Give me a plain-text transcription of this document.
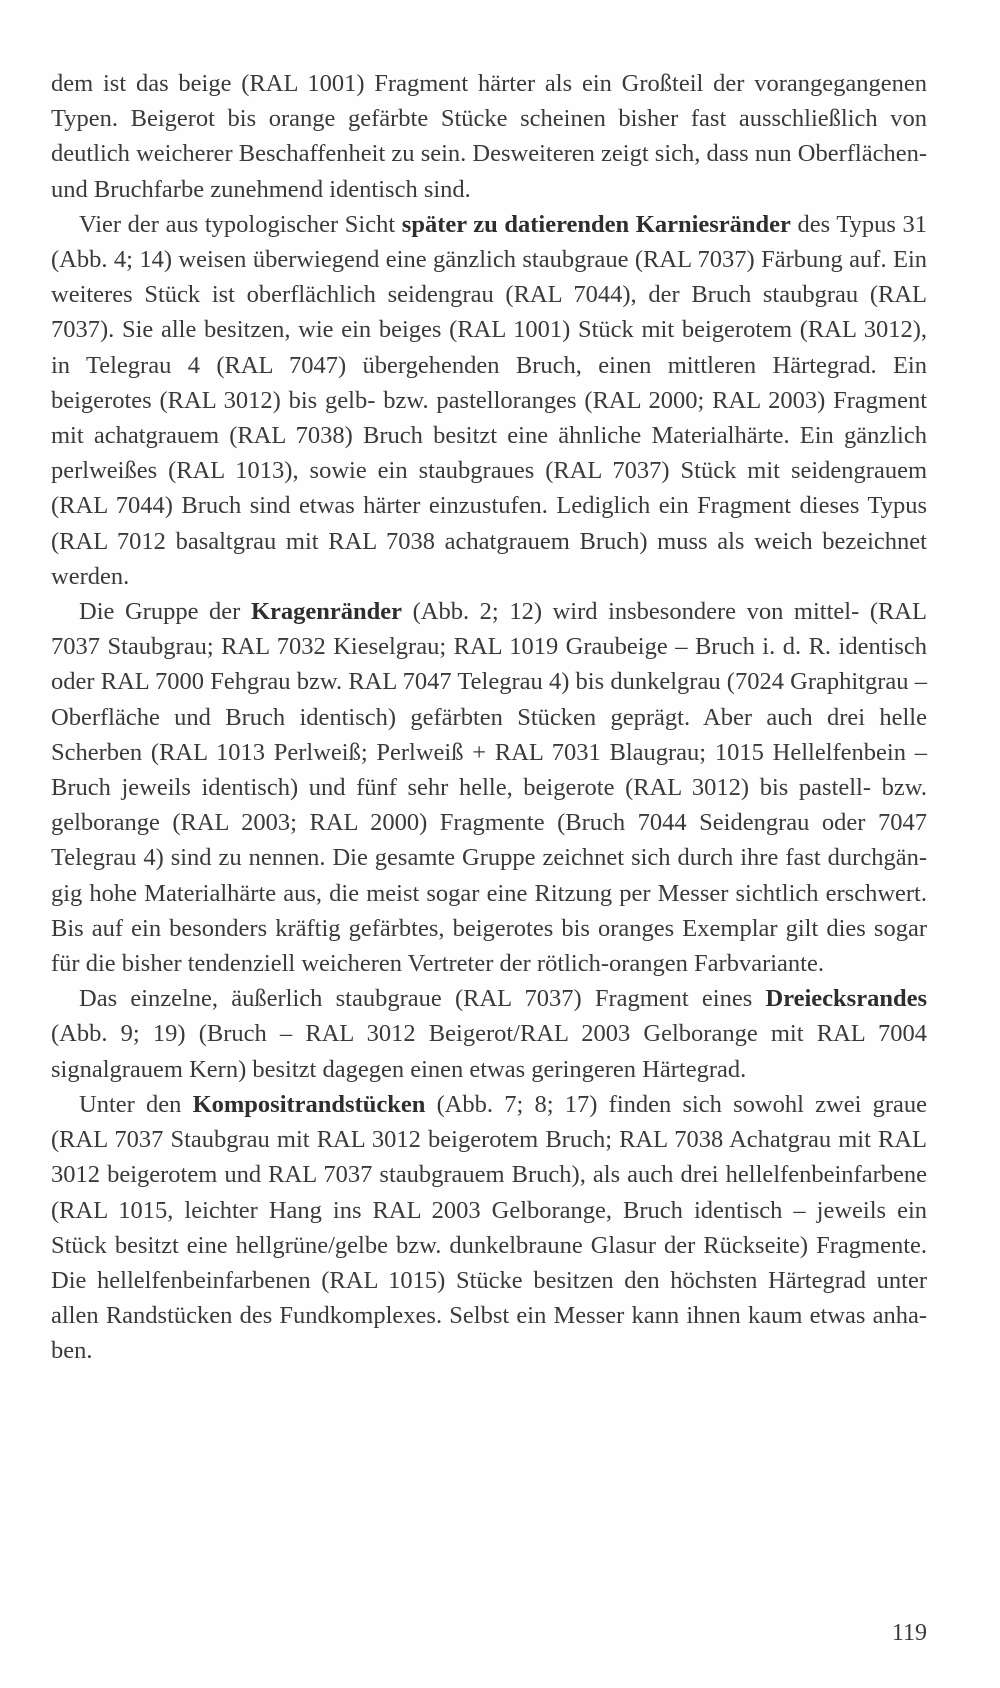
dem ist das beige (RAL 1001) Fragment härter als ein Großteil der vorangegangenen Typen. Beigerot bis orange gefärbte Stücke scheinen bisher fast ausschließlich von deutlich weicherer Beschaffenheit zu sein. Desweiteren zeigt sich, dass nun Oberflächen- und Bruchfarbe zunehmend identisch sind.

Vier der aus typologischer Sicht später zu datierenden Karniesränder des Typus 31 (Abb. 4; 14) weisen überwiegend eine gänzlich staubgraue (RAL 7037) Färbung auf. Ein weiteres Stück ist oberflächlich seidengrau (RAL 7044), der Bruch staubgrau (RAL 7037). Sie alle besitzen, wie ein beiges (RAL 1001) Stück mit beigerotem (RAL 3012), in Telegrau 4 (RAL 7047) übergehenden Bruch, einen mittleren Härtegrad. Ein beigerotes (RAL 3012) bis gelb- bzw. pastelloranges (RAL 2000; RAL 2003) Fragment mit achatgrauem (RAL 7038) Bruch besitzt eine ähnliche Materialhärte. Ein gänzlich perlweißes (RAL 1013), sowie ein staubgraues (RAL 7037) Stück mit seidengrauem (RAL 7044) Bruch sind etwas härter einzustufen. Lediglich ein Fragment dieses Typus (RAL 7012 basaltgrau mit RAL 7038 achatgrauem Bruch) muss als weich bezeichnet werden.

Die Gruppe der Kragenränder (Abb. 2; 12) wird insbesondere von mittel- (RAL 7037 Staubgrau; RAL 7032 Kieselgrau; RAL 1019 Graubeige – Bruch i. d. R. identisch oder RAL 7000 Fehgrau bzw. RAL 7047 Telegrau 4) bis dunkelgrau (7024 Graphitgrau – Oberfläche und Bruch identisch) gefärbten Stücken geprägt. Aber auch drei helle Scherben (RAL 1013 Perlweiß; Perlweiß + RAL 7031 Blaugrau; 1015 Hellelfenbein – Bruch jeweils identisch) und fünf sehr helle, beigerote (RAL 3012) bis pastell- bzw. gelborange (RAL 2003; RAL 2000) Fragmente (Bruch 7044 Seidengrau oder 7047 Telegrau 4) sind zu nennen. Die gesamte Gruppe zeichnet sich durch ihre fast durchgängig hohe Materialhärte aus, die meist sogar eine Ritzung per Messer sichtlich erschwert. Bis auf ein besonders kräftig gefärbtes, beigerotes bis oranges Exemplar gilt dies sogar für die bisher tendenziell weicheren Vertreter der rötlich-orangen Farbvariante.

Das einzelne, äußerlich staubgraue (RAL 7037) Fragment eines Dreiecksrandes (Abb. 9; 19) (Bruch – RAL 3012 Beigerot/RAL 2003 Gelborange mit RAL 7004 signalgrauem Kern) besitzt dagegen einen etwas geringeren Härtegrad.

Unter den Kompositrandstücken (Abb. 7; 8; 17) finden sich sowohl zwei graue (RAL 7037 Staubgrau mit RAL 3012 beigerotem Bruch; RAL 7038 Achatgrau mit RAL 3012 beigerotem und RAL 7037 staubgrauem Bruch), als auch drei hellelfenbeinfarbene (RAL 1015, leichter Hang ins RAL 2003 Gelborange, Bruch identisch – jeweils ein Stück besitzt eine hellgrüne/gelbe bzw. dunkelbraune Glasur der Rückseite) Fragmente. Die hellelfenbeinfarbenen (RAL 1015) Stücke besitzen den höchsten Härtegrad unter allen Randstücken des Fundkomplexes. Selbst ein Messer kann ihnen kaum etwas anhaben.

119
